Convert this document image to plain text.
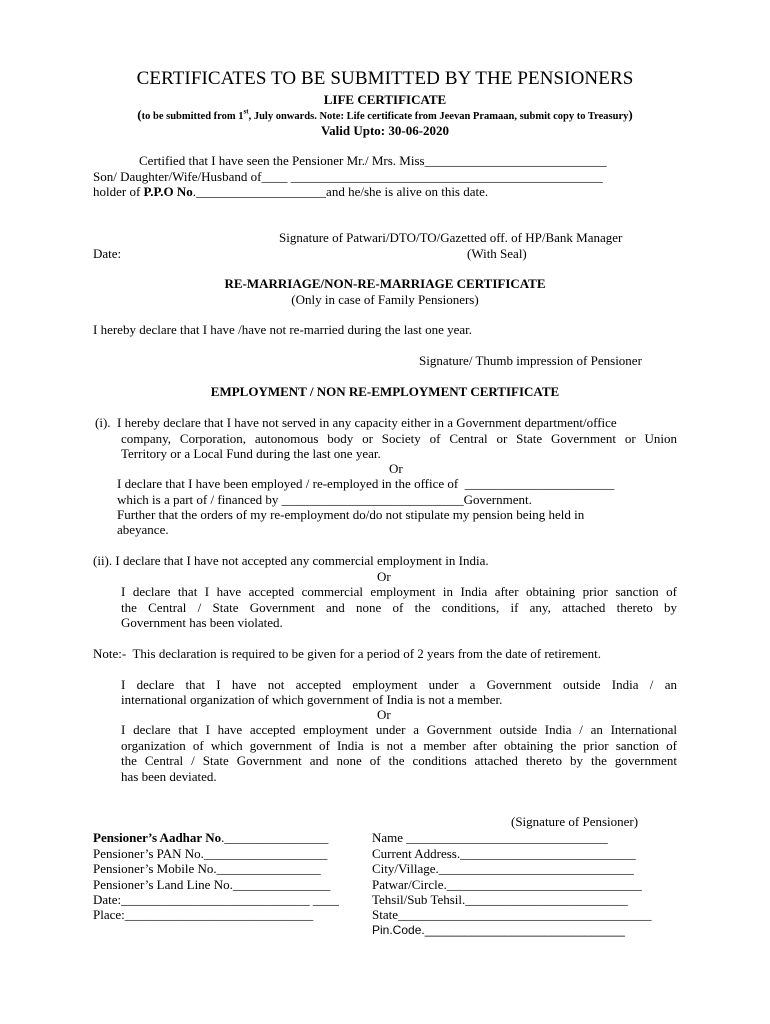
CERTIFICATES TO BE SUBMITTED BY THE PENSIONERS
LIFE CERTIFICATE
(to be submitted from 1st, July onwards. Note: Life certificate from Jeevan Pramaan, submit copy to Treasury)
Valid Upto: 30-06-2020
Certified that I have seen the Pensioner Mr./ Mrs. Miss____________________________
Son/ Daughter/Wife/Husband of____ ________________________________________________
holder of P.P.O No.____________________and he/she is alive on this date.
Signature of Patwari/DTO/TO/Gazetted off. of HP/Bank Manager
Date:	(With Seal)
RE-MARRIAGE/NON-RE-MARRIAGE CERTIFICATE
(Only in case of Family Pensioners)
I hereby declare that I have /have not re-married during the last one year.
Signature/ Thumb impression of Pensioner
EMPLOYMENT / NON RE-EMPLOYMENT CERTIFICATE
(i).  I hereby declare that I have not served in any capacity either in a Government department/office
company, Corporation, autonomous body or Society of Central or State Government or Union
Territory or a Local Fund during the last one year.
Or
I declare that I have been employed / re-employed in the office of  _______________________
which is a part of / financed by ____________________________Government.
Further that the orders of my re-employment do/do not stipulate my pension being held in
abeyance.
(ii). I declare that I have not accepted any commercial employment in India.
Or
I declare that I have accepted commercial employment in India after obtaining prior sanction of
the Central / State Government and none of the conditions, if any, attached thereto by
Government has been violated.
Note:-  This declaration is required to be given for a period of 2 years from the date of retirement.
I declare that I have not accepted employment under a Government outside India / an
international organization of which government of India is not a member.
Or
I declare that I have accepted employment under a Government outside India / an International
organization of which government of India is not a member after obtaining the prior sanction of
the Central / State Government and none of the conditions attached thereto by the government
has been deviated.
(Signature of Pensioner)
Pensioner’s Aadhar No.________________
Pensioner’s PAN No.___________________
Pensioner’s Mobile No.________________
Pensioner’s Land Line No._______________
Date:_____________________________ ____
Place:_____________________________
Name _______________________________
Current Address.___________________________
City/Village.______________________________
Patwar/Circle.______________________________
Tehsil/Sub Tehsil._________________________
State_______________________________________
Pin.Code.______________________________
